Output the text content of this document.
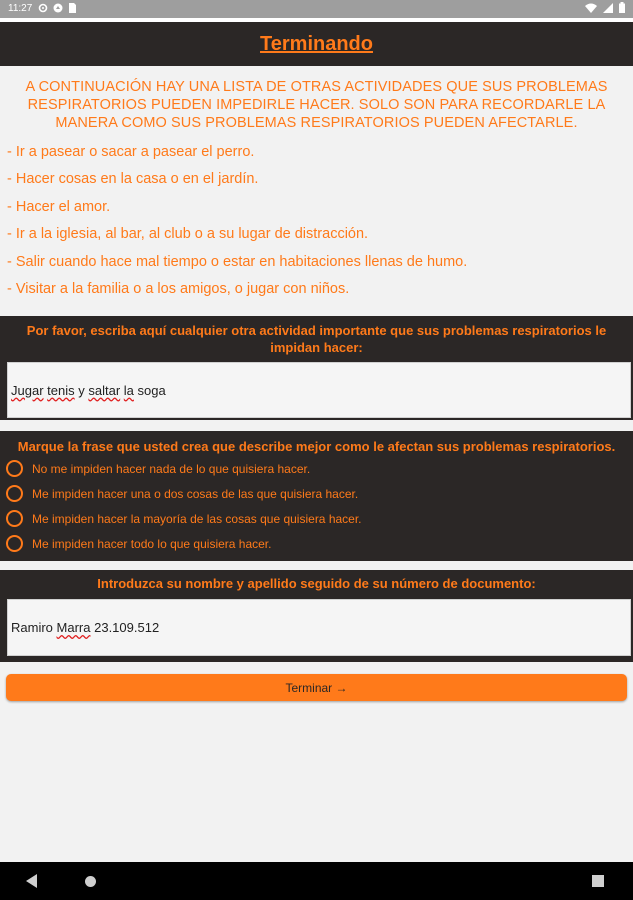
11:27
Terminando
A CONTINUACIÓN HAY UNA LISTA DE OTRAS ACTIVIDADES QUE SUS PROBLEMAS RESPIRATORIOS PUEDEN IMPEDIRLE HACER. SOLO SON PARA RECORDARLE LA MANERA COMO SUS PROBLEMAS RESPIRATORIOS PUEDEN AFECTARLE.
- Ir a pasear o sacar a pasear el perro.
- Hacer cosas en la casa o en el jardín.
- Hacer el amor.
- Ir a la iglesia, al bar, al club o a su lugar de distracción.
- Salir cuando hace mal tiempo o estar en habitaciones llenas de humo.
- Visitar a la familia o a los amigos, o jugar con niños.
Por favor, escriba aquí cualquier otra actividad importante que sus problemas respiratorios le impidan hacer:
Jugar tenis y saltar la soga
Marque la frase que usted crea que describe mejor como le afectan sus problemas respiratorios.
No me impiden hacer nada de lo que quisiera hacer.
Me impiden hacer una o dos cosas de las que quisiera hacer.
Me impiden hacer la mayoría de las cosas que quisiera hacer.
Me impiden hacer todo lo que quisiera hacer.
Introduzca su nombre y apellido seguido de su número de documento:
Ramiro Marra 23.109.512
Terminar →
